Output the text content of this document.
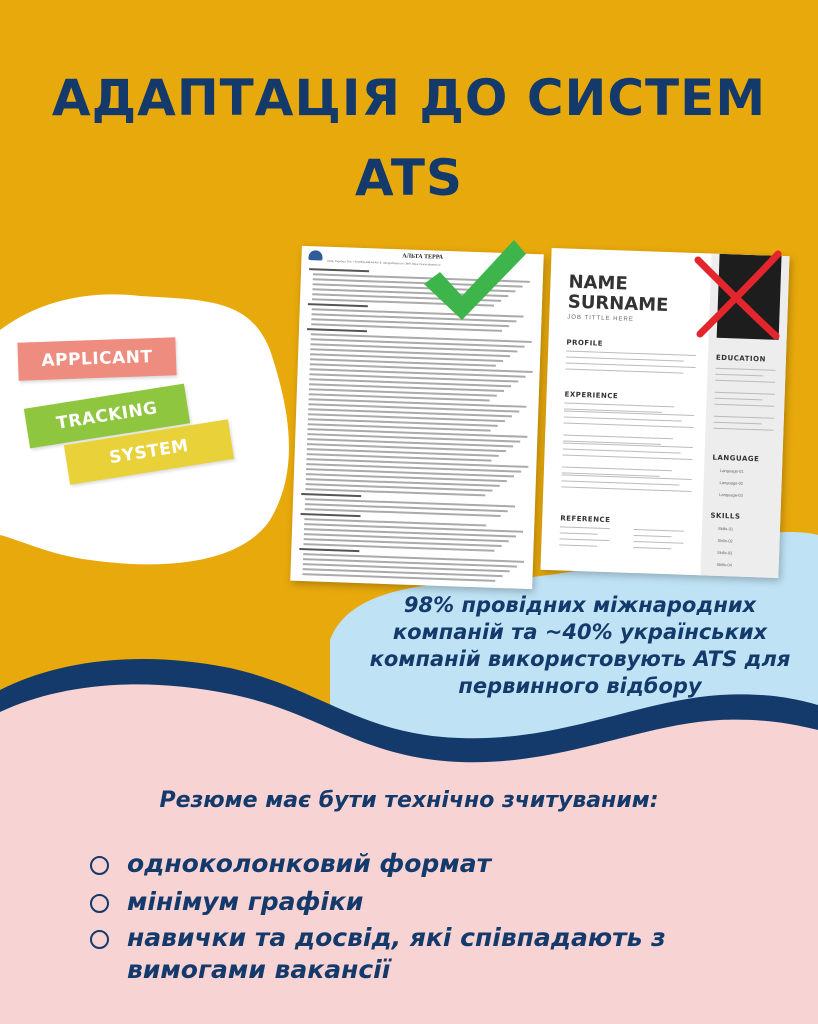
АДАПТАЦІЯ ДО СИСТЕМ ATS
APPLICANT
TRACKING
SYSTEM
АЛЬТА ТЕРРА
Київ, Україна | Тел: +38 (093) 444 44 44 | E: info@altaterra.io | Веб: https://www.altaterra.io
NAME
SURNAME
JOB TITTLE HERE
PROFILE
EXPERIENCE
REFERENCE
EDUCATION
LANGUAGE
SKILLS
Language-01
Language-02
Language-03
Skills-01
Skills-02
Skills-03
Skills-04
98% провідних міжнародних компаній та ~40% українських компаній використовують ATS для первинного відбору
Резюме має бути технічно зчитуваним:
одноколонковий формат
мінімум графіки
навички та досвід, які співпадають з вимогами вакансії
